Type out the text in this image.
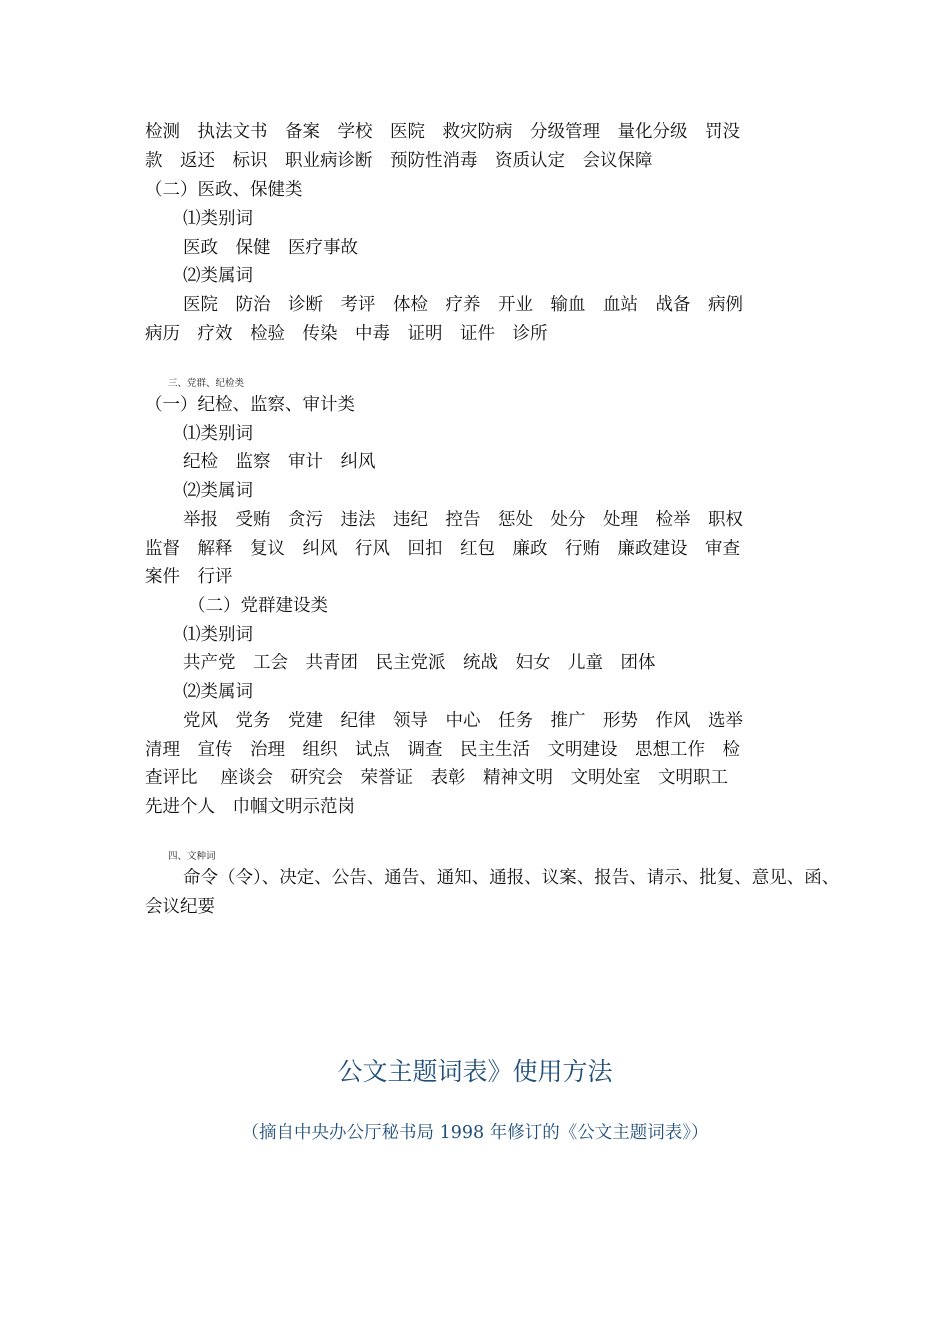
检测　执法文书　备案　学校　医院　救灾防病　分级管理　量化分级　罚没
款　返还　标识　职业病诊断　预防性消毒　资质认定　会议保障
（二）医政、保健类
⑴类别词
医政　保健　医疗事故
⑵类属词
医院　防治　诊断　考评　体检　疗养　开业　输血　血站　战备　病例
病历　疗效　检验　传染　中毒　证明　证件　诊所
三、党群、纪检类
（一）纪检、监察、审计类
⑴类别词
纪检　监察　审计　纠风
⑵类属词
举报　受贿　贪污　违法　违纪　控告　惩处　处分　处理　检举　职权
监督　解释　复议　纠风　行风　回扣　红包　廉政　行贿　廉政建设　审查
案件　行评
（二）党群建设类
⑴类别词
共产党　工会　共青团　民主党派　统战　妇女　儿童　团体
⑵类属词
党风　党务　党建　纪律　领导　中心　任务　推广　形势　作风　选举
清理　宣传　治理　组织　试点　调查　民主生活　文明建设　思想工作　检
查评比　 座谈会　研究会　荣誉证　表彰　精神文明　文明处室　文明职工
先进个人　巾帼文明示范岗
四、文种词
命令（令）、决定、公告、通告、通知、通报、议案、报告、请示、批复、意见、函、
会议纪要
公文主题词表》使用方法
（摘自中央办公厅秘书局 1998 年修订的《公文主题词表》）
